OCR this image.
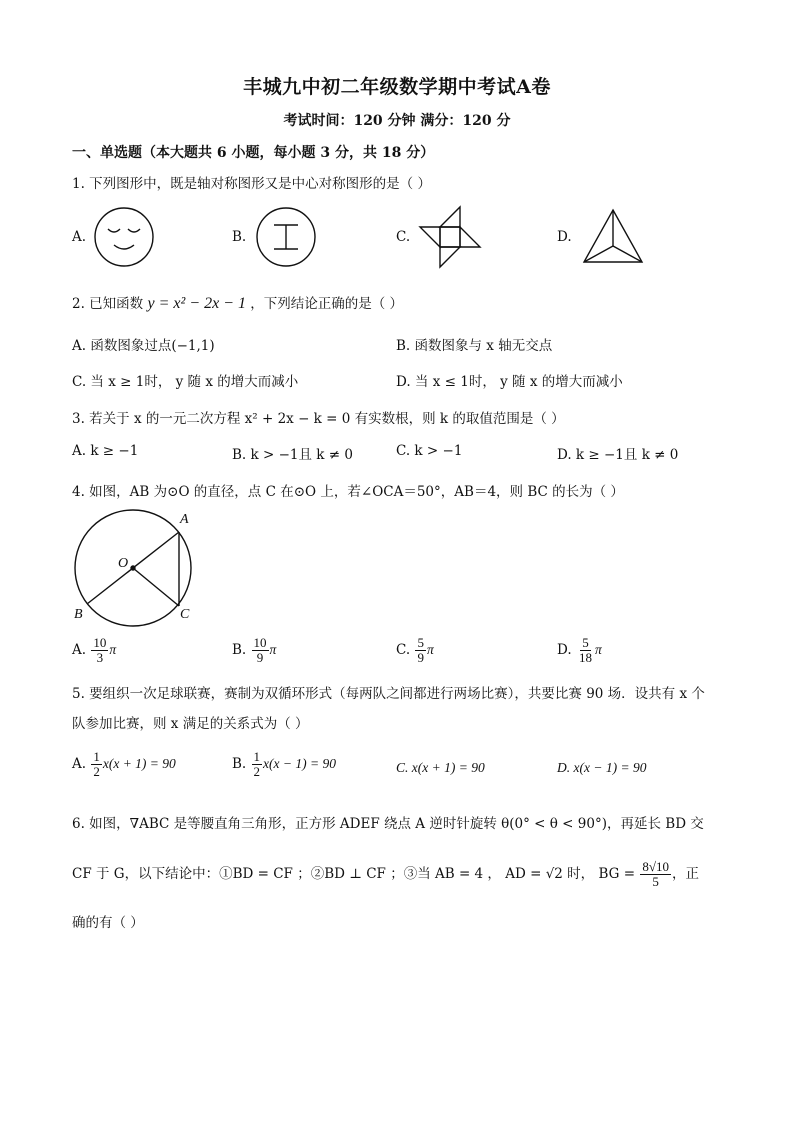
丰城九中初二年级数学期中考试A卷
考试时间：120 分钟 满分：120 分
一、单选题（本大题共 6 小题，每小题 3 分，共 18 分）
1. 下列图形中，既是轴对称图形又是中心对称图形的是（ ）
A.	B.	C.	D.
2. 已知函数 y = x² − 2x − 1 ，下列结论正确的是（ ）
A. 函数图象过点(−1,1)	B. 函数图象与 x 轴无交点
C. 当 x ≥ 1时， y 随 x 的增大而减小	D. 当 x ≤ 1时， y 随 x 的增大而减小
3. 若关于 x 的一元二次方程 x² + 2x − k = 0 有实数根，则 k 的取值范围是（ ）
A. k ≥ −1	B. k > −1且 k ≠ 0	C. k > −1	D. k ≥ −1且 k ≠ 0
4. 如图，AB 为⊙O 的直径，点 C 在⊙O 上，若∠OCA＝50°，AB＝4，则 BC 的长为（ ）
A
O
B	C
A. $\frac{10}{3}$ π	B. $\frac{10}{9}$ π	C. $\frac{5}{9}$ π	D. $\frac{5}{18}$ π
5. 要组织一次足球联赛，赛制为双循环形式（每两队之间都进行两场比赛），共要比赛 90 场．设共有 x 个
队参加比赛，则 x 满足的关系式为（ ）
A. $\frac{1}{2} x(x + 1) = 90$	B. $\frac{1}{2} x(x - 1) = 90$	C. x(x + 1) = 90	D. x(x − 1) = 90
6. 如图，∇ABC 是等腰直角三角形，正方形 ADEF 绕点 A 逆时针旋转 θ(0° < θ < 90°)，再延长 BD 交
CF 于 G，以下结论中：①BD = CF ；②BD ⊥ CF ；③当 AB = 4 ， AD = √2 时， BG = $\frac{8√10}{5}$ ，正
确的有（ ）
